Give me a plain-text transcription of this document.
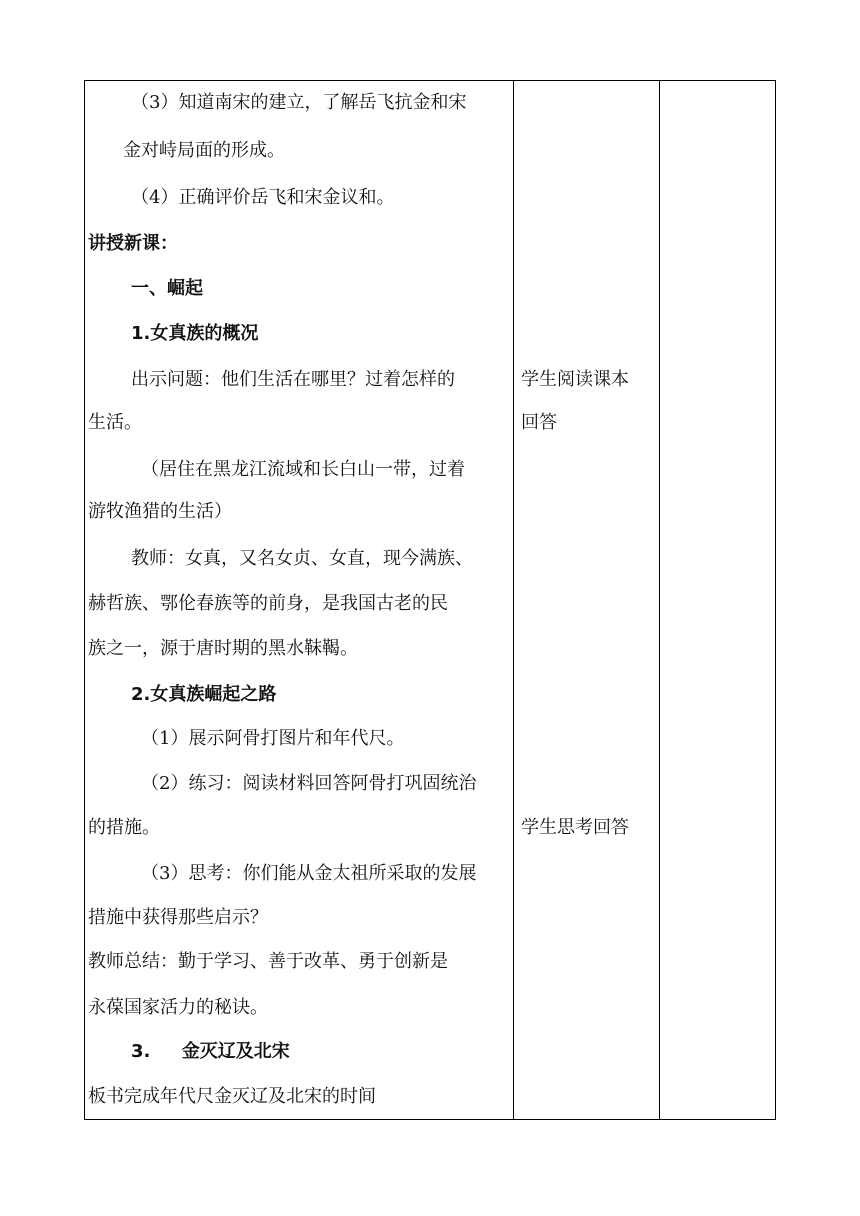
（3）知道南宋的建立，了解岳飞抗金和宋
金对峙局面的形成。
（4）正确评价岳飞和宋金议和。
讲授新课：
一、崛起
1.女真族的概况
出示问题：他们生活在哪里？过着怎样的
生活。
（居住在黑龙江流域和长白山一带，过着
游牧渔猎的生活）
教师：女真，又名女贞、女直，现今满族、
赫哲族、鄂伦春族等的前身，是我国古老的民
族之一，源于唐时期的黑水靺鞨。
2.女真族崛起之路
（1）展示阿骨打图片和年代尺。
（2）练习：阅读材料回答阿骨打巩固统治
的措施。
（3）思考：你们能从金太祖所采取的发展
措施中获得那些启示？
教师总结：勤于学习、善于改革、勇于创新是
永葆国家活力的秘诀。
3.     金灭辽及北宋
板书完成年代尺金灭辽及北宋的时间
学生阅读课本
回答
学生思考回答
